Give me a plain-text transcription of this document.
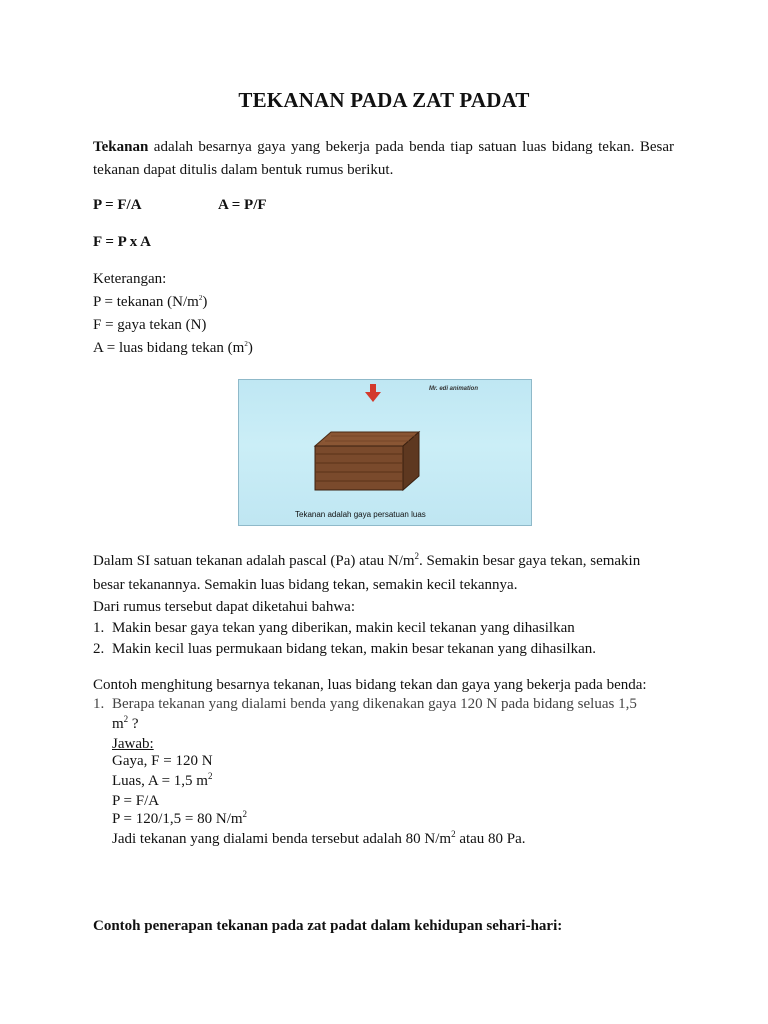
TEKANAN PADA ZAT PADAT
Tekanan adalah besarnya gaya yang bekerja pada benda tiap satuan luas bidang tekan. Besar tekanan dapat ditulis dalam bentuk rumus berikut.
P = F/A	A = P/F
F = P x A
Keterangan:
P = tekanan $(N/m^2)$
F = gaya tekan (N)
A = luas bidang tekan $(m^2)$
Mr. edi animation
Tekanan adalah gaya persatuan luas
Dalam SI satuan tekanan adalah pascal (Pa) atau $N/m^2$. Semakin besar gaya tekan, semakin
besar tekanannya. Semakin luas bidang tekan, semakin kecil tekannya.
Dari rumus tersebut dapat diketahui bahwa:
1. Makin besar gaya tekan yang diberikan, makin kecil tekanan yang dihasilkan
2. Makin kecil luas permukaan bidang tekan, makin besar tekanan yang dihasilkan.
Contoh menghitung besarnya tekanan, luas bidang tekan dan gaya yang bekerja pada benda:
1. Berapa tekanan yang dialami benda yang dikenakan gaya 120 N pada bidang seluas 1,5
$m^2$ ?
Jawab:
Gaya, F = 120 N
Luas, A = 1,5 $m^2$
P = F/A
P = 120/1,5 = 80 $N/m^2$
Jadi tekanan yang dialami benda tersebut adalah 80 $N/m^2$ atau 80 Pa.
Contoh penerapan tekanan pada zat padat dalam kehidupan sehari-hari:
